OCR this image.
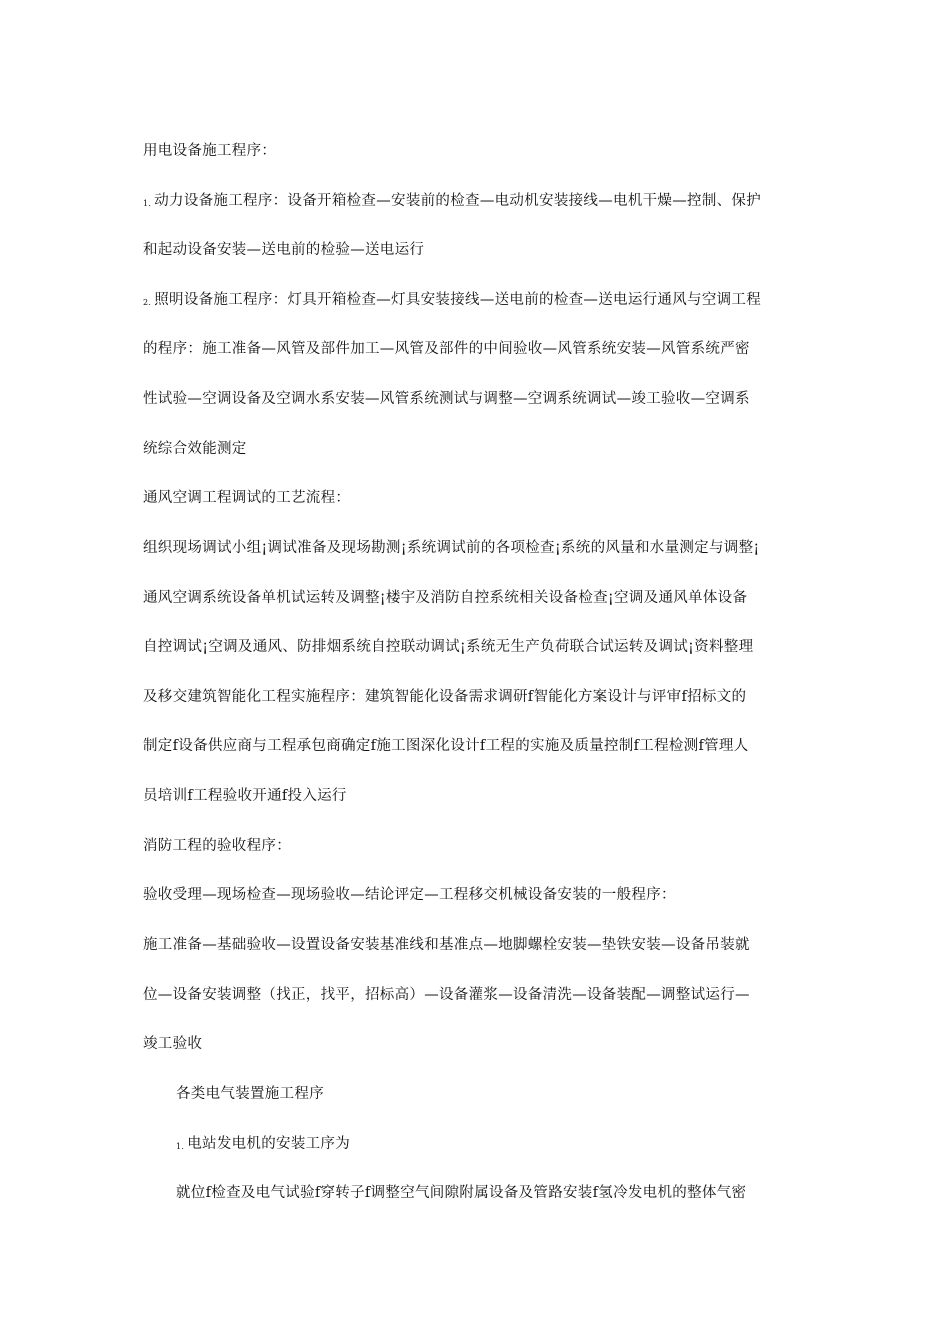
用电设备施工程序：
1. 动力设备施工程序：设备开箱检查—安装前的检查—电动机安装接线—电机干燥—控制、保护
和起动设备安装—送电前的检验—送电运行
2. 照明设备施工程序：灯具开箱检查—灯具安装接线—送电前的检查—送电运行通风与空调工程
的程序：施工准备—风管及部件加工—风管及部件的中间验收—风管系统安装—风管系统严密
性试验—空调设备及空调水系安装—风管系统测试与调整—空调系统调试—竣工验收—空调系
统综合效能测定
通风空调工程调试的工艺流程：
组织现场调试小组¡调试准备及现场勘测¡系统调试前的各项检查¡系统的风量和水量测定与调整¡
通风空调系统设备单机试运转及调整¡楼宇及消防自控系统相关设备检查¡空调及通风单体设备
自控调试¡空调及通风、防排烟系统自控联动调试¡系统无生产负荷联合试运转及调试¡资料整理
及移交建筑智能化工程实施程序：建筑智能化设备需求调研f智能化方案设计与评审f招标文的
制定f设备供应商与工程承包商确定f施工图深化设计f工程的实施及质量控制f工程检测f管理人
员培训f工程验收开通f投入运行
消防工程的验收程序：
验收受理—现场检查—现场验收—结论评定—工程移交机械设备安装的一般程序：
施工准备—基础验收—设置设备安装基准线和基准点—地脚螺栓安装—垫铁安装—设备吊装就
位—设备安装调整（找正，找平，招标高）—设备灌浆—设备清洗—设备装配—调整试运行—
竣工验收
各类电气装置施工程序
1. 电站发电机的安装工序为
就位f检查及电气试验f穿转子f调整空气间隙附属设备及管路安装f氢冷发电机的整体气密
